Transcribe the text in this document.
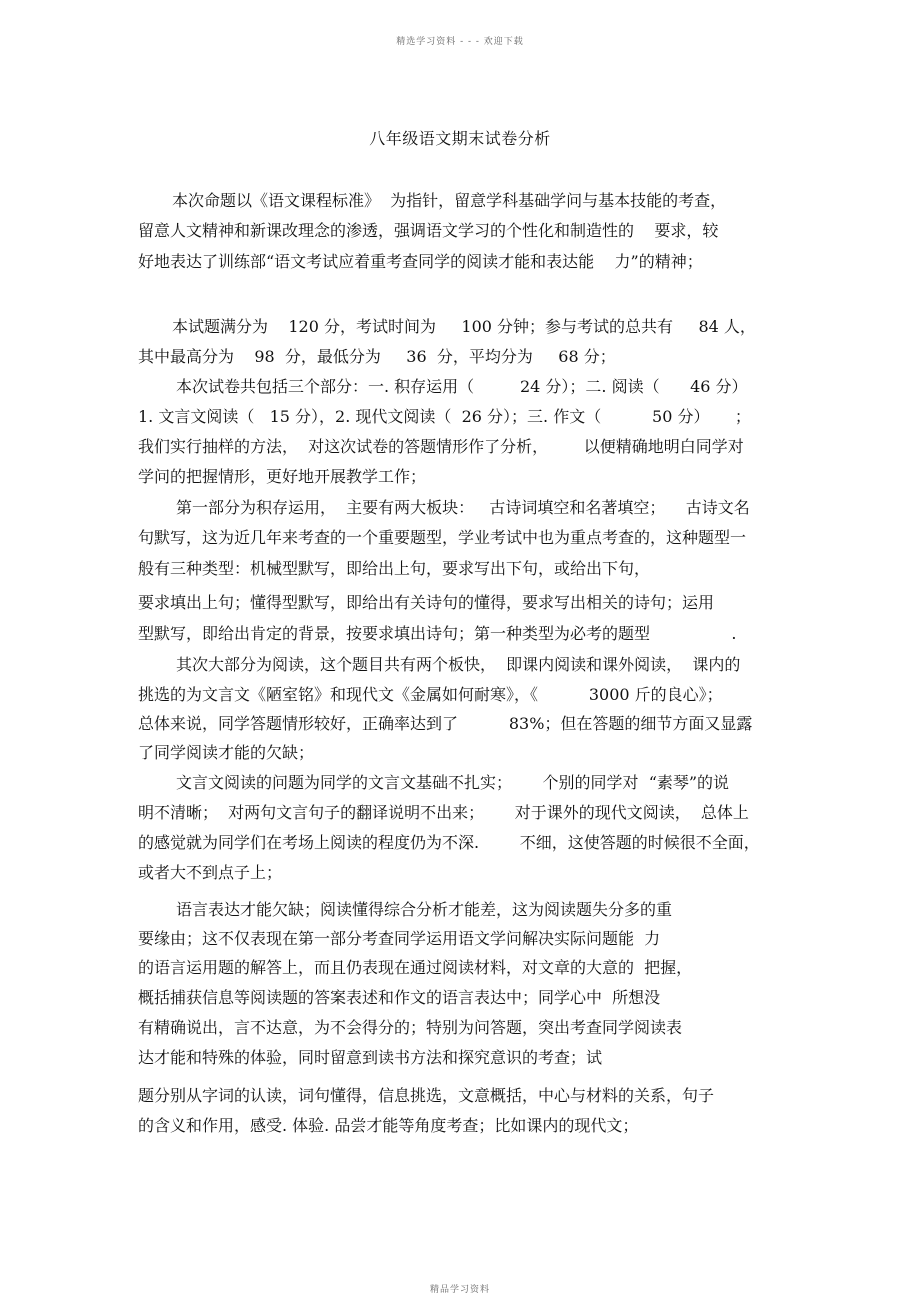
精选学习资料 - - - 欢迎下载
八年级语文期末试卷分析
本次命题以《语文课程标准》  为指针，留意学科基础学问与基本技能的考查，
留意人文精神和新课改理念的渗透，强调语文学习的个性化和制造性的    要求，较
好地表达了训练部“语文考试应着重考查同学的阅读才能和表达能    力”的精神；
本试题满分为    120 分，考试时间为     100 分钟；参与考试的总共有     84 人，
其中最高分为    98  分，最低分为     36  分，平均分为     68 分；
本次试卷共包括三个部分：一. 积存运用（         24 分）；二. 阅读（      46 分）
1. 文言文阅读（   15 分），2. 现代文阅读（  26 分）；三. 作文（          50 分）     ；
我们实行抽样的方法，  对这次试卷的答题情形作了分析，       以便精确地明白同学对
学问的把握情形，更好地开展教学工作；
第一部分为积存运用，  主要有两大板块：   古诗词填空和名著填空；    古诗文名
句默写，这为近几年来考查的一个重要题型，学业考试中也为重点考查的，这种题型一
般有三种类型：机械型默写，即给出上句，要求写出下句，或给出下句，
要求填出上句；懂得型默写，即给出有关诗句的懂得，要求写出相关的诗句；运用
型默写，即给出肯定的背景，按要求填出诗句；第一种类型为必考的题型                .
其次大部分为阅读，这个题目共有两个板快，  即课内阅读和课外阅读，  课内的
挑选的为文言文《陋室铭》和现代文《金属如何耐寒》，《          3000 斤的良心》；
总体来说，同学答题情形较好，正确率达到了          83%；但在答题的细节方面又显露
了同学阅读才能的欠缺；
文言文阅读的问题为同学的文言文基础不扎实；      个别的同学对  “素琴”的说
明不清晰；  对两句文言句子的翻译说明不出来；      对于课外的现代文阅读，  总体上
的感觉就为同学们在考场上阅读的程度仍为不深.        不细，这使答题的时候很不全面，
或者大不到点子上；
语言表达才能欠缺；阅读懂得综合分析才能差，这为阅读题失分多的重
要缘由；这不仅表现在第一部分考查同学运用语文学问解决实际问题能  力
的语言运用题的解答上，而且仍表现在通过阅读材料，对文章的大意的  把握，
概括捕获信息等阅读题的答案表述和作文的语言表达中；同学心中  所想没
有精确说出，言不达意，为不会得分的；特别为问答题，突出考查同学阅读表
达才能和特殊的体验，同时留意到读书方法和探究意识的考查；试
题分别从字词的认读，词句懂得，信息挑选，文意概括，中心与材料的关系，句子
的含义和作用，感受. 体验. 品尝才能等角度考查；比如课内的现代文；
精品学习资料
